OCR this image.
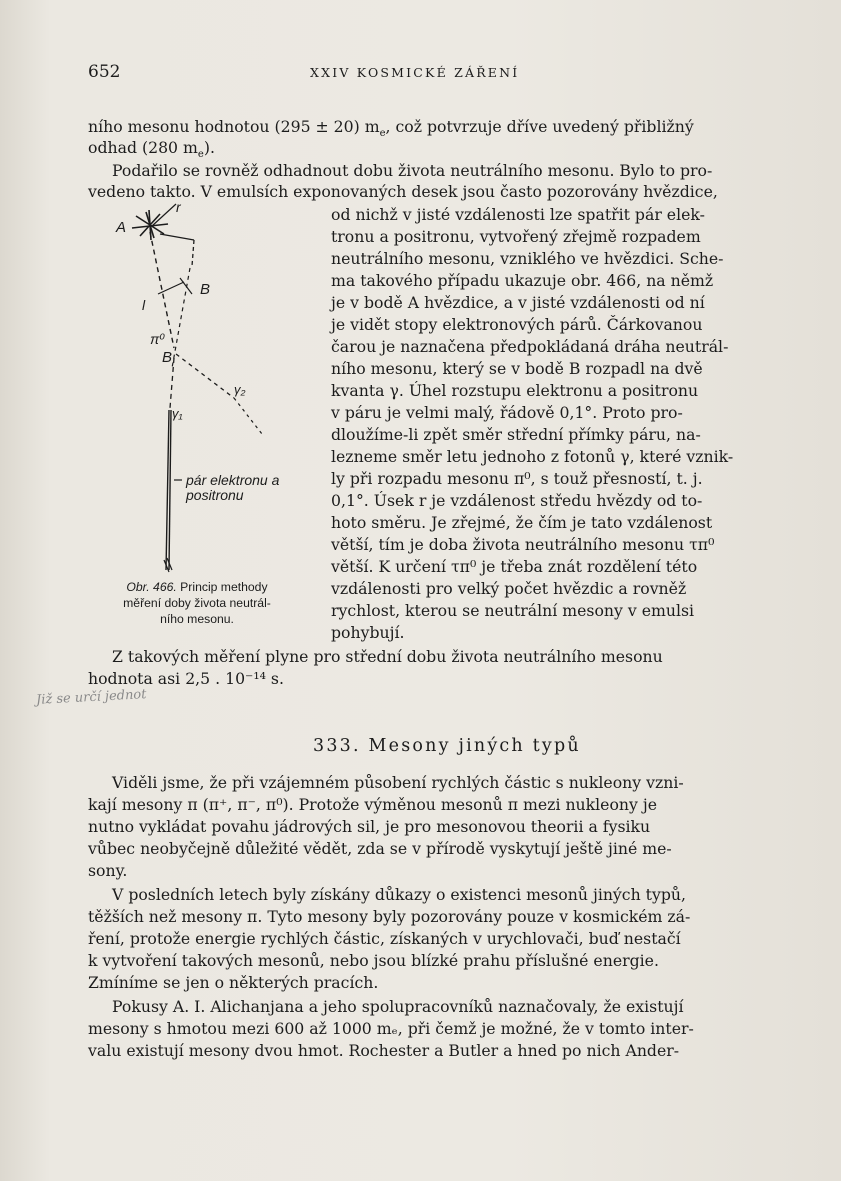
652	XXIV KOSMICKÉ ZÁŘENÍ
ního mesonu hodnotou (295 ± 20) $m_e$, což potvrzuje dříve uvedený přibližný
odhad (280 $m_e$).
Podařilo se rovněž odhadnout dobu života neutrálního mesonu. Bylo to pro-
vedeno takto. V emulsích exponovaných desek jsou často pozorovány hvězdice,
od nichž v jisté vzdálenosti lze spatřit pár elek-
tronu a positronu, vytvořený zřejmě rozpadem
neutrálního mesonu, vzniklého ve hvězdici. Sche-
ma takového případu ukazuje obr. 466, na němž
je v bodě A hvězdice, a v jisté vzdálenosti od ní
je vidět stopy elektronových párů. Čárkovanou
čarou je naznačena předpokládaná dráha neutrál-
ního mesonu, který se v bodě B rozpadl na dvě
kvanta γ. Úhel rozstupu elektronu a positronu
v páru je velmi malý, řádově 0,1°. Proto pro-
dloužíme-li zpět směr střední přímky páru, na-
lezneme směr letu jednoho z fotonů γ, které vznik-
ly při rozpadu mesonu π⁰, s touž přesností, t. j.
0,1°. Úsek r je vzdálenost středu hvězdy od to-
hoto směru. Je zřejmé, že čím je tato vzdálenost
větší, tím je doba života neutrálního mesonu τπ⁰
větší. K určení τπ⁰ je třeba znát rozdělení této
vzdálenosti pro velký počet hvězdic a rovněž
rychlost, kterou se neutrální mesony v emulsi
pohybují.
A
r
B
l
π⁰
B
γ₂
γ₁
pár elektronu a
positronu
Obr. 466. Princip methody
měření doby života neutrál-
ního mesonu.
Z takových měření plyne pro střední dobu života neutrálního mesonu
hodnota asi 2,5 . 10⁻¹⁴ s.
Již se určí jednot
333. Mesony jiných typů
Viděli jsme, že při vzájemném působení rychlých částic s nukleony vzni-
kají mesony π (π⁺, π⁻, π⁰). Protože výměnou mesonů π mezi nukleony je
nutno vykládat povahu jádrových sil, je pro mesonovou theorii a fysiku
vůbec neobyčejně důležité vědět, zda se v přírodě vyskytují ještě jiné me-
sony.
V posledních letech byly získány důkazy o existenci mesonů jiných typů,
těžších než mesony π. Tyto mesony byly pozorovány pouze v kosmickém zá-
ření, protože energie rychlých částic, získaných v urychlovači, buď nestačí
k vytvoření takových mesonů, nebo jsou blízké prahu příslušné energie.
Zmíníme se jen o některých pracích.
Pokusy A. I. Alichanjana a jeho spolupracovníků naznačovaly, že existují
mesony s hmotou mezi 600 až 1000 mₑ, při čemž je možné, že v tomto inter-
valu existují mesony dvou hmot. Rochester a Butler a hned po nich Ander-
